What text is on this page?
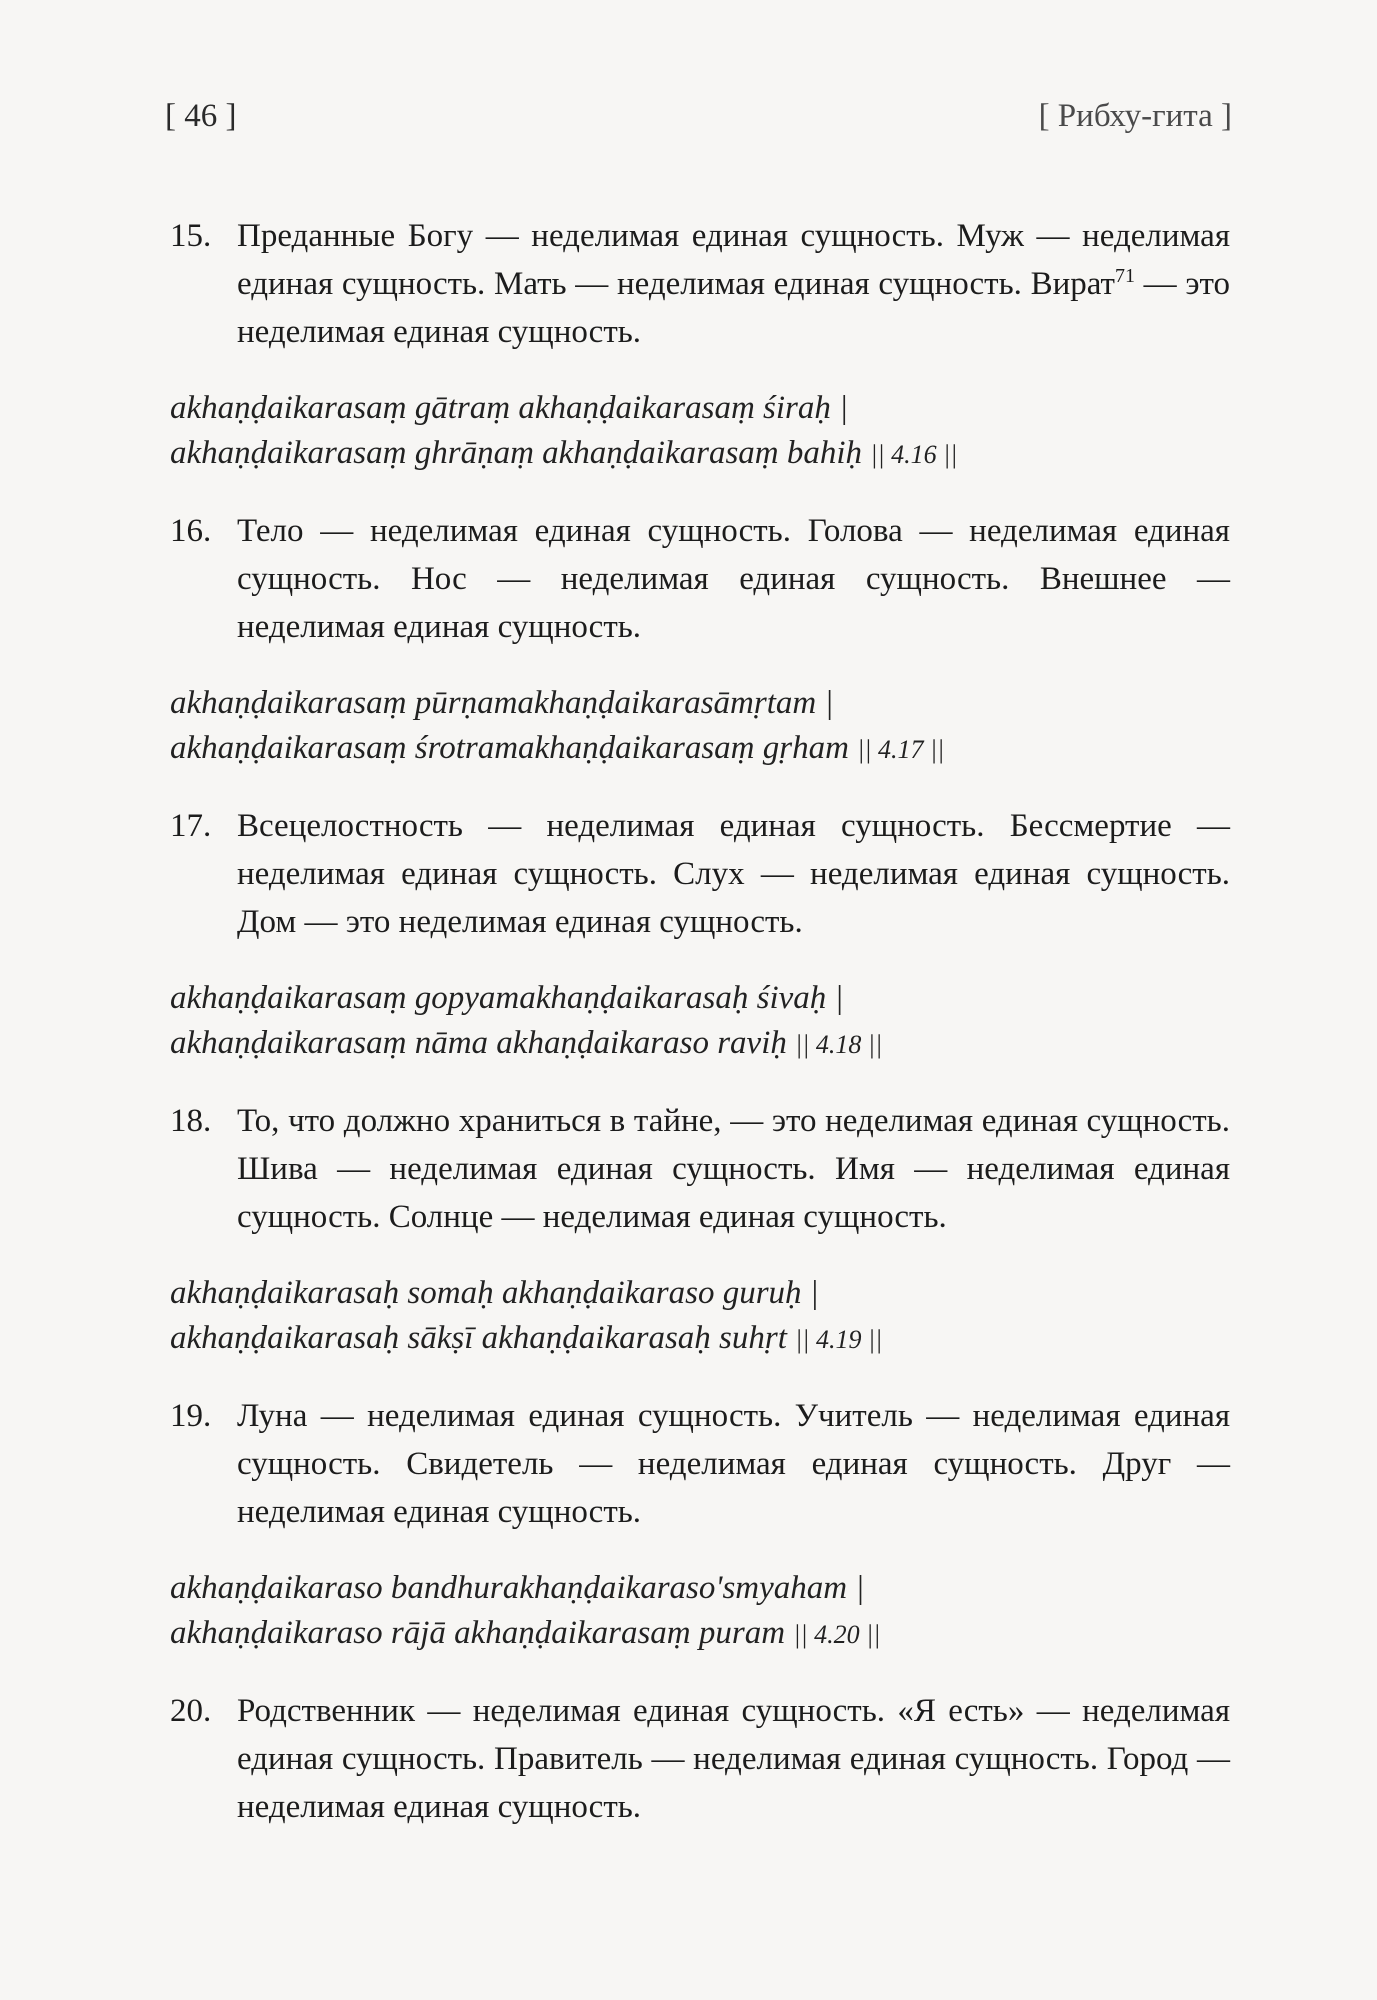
[ 46 ]	[ Рибху-гита ]
15. Преданные Богу — неделимая единая сущность. Муж — неделимая единая сущность. Мать — неделимая единая сущность. Вират$^{71}$ — это неделимая единая сущность.
akhaṇḍaikarasaṃ gātraṃ akhaṇḍaikarasaṃ śiraḥ |
akhaṇḍaikarasaṃ ghrāṇaṃ akhaṇḍaikarasaṃ bahiḥ || 4.16 ||
16. Тело — неделимая единая сущность. Голова — неделимая единая сущность. Нос — неделимая единая сущность. Внешнее — неделимая единая сущность.
akhaṇḍaikarasaṃ pūrṇamakhaṇḍaikarasāmṛtam |
akhaṇḍaikarasaṃ śrotramakhaṇḍaikarasaṃ gṛham || 4.17 ||
17. Всецелостность — неделимая единая сущность. Бессмертие — неделимая единая сущность. Слух — неделимая единая сущность. Дом — это неделимая единая сущность.
akhaṇḍaikarasaṃ gopyamakhaṇḍaikarasaḥ śivaḥ |
akhaṇḍaikarasaṃ nāma akhaṇḍaikaraso raviḥ || 4.18 ||
18. То, что должно храниться в тайне, — это неделимая единая сущность. Шива — неделимая единая сущность. Имя — неделимая единая сущность. Солнце — неделимая единая сущность.
akhaṇḍaikarasaḥ somaḥ akhaṇḍaikaraso guruḥ |
akhaṇḍaikarasaḥ sākṣī akhaṇḍaikarasaḥ suhṛt || 4.19 ||
19. Луна — неделимая единая сущность. Учитель — неделимая единая сущность. Свидетель — неделимая единая сущность. Друг — неделимая единая сущность.
akhaṇḍaikaraso bandhurakhaṇḍaikaraso'smyaham |
akhaṇḍaikaraso rājā akhaṇḍaikarasaṃ puram || 4.20 ||
20. Родственник — неделимая единая сущность. «Я есть» — неделимая единая сущность. Правитель — неделимая единая сущность. Город — неделимая единая сущность.
